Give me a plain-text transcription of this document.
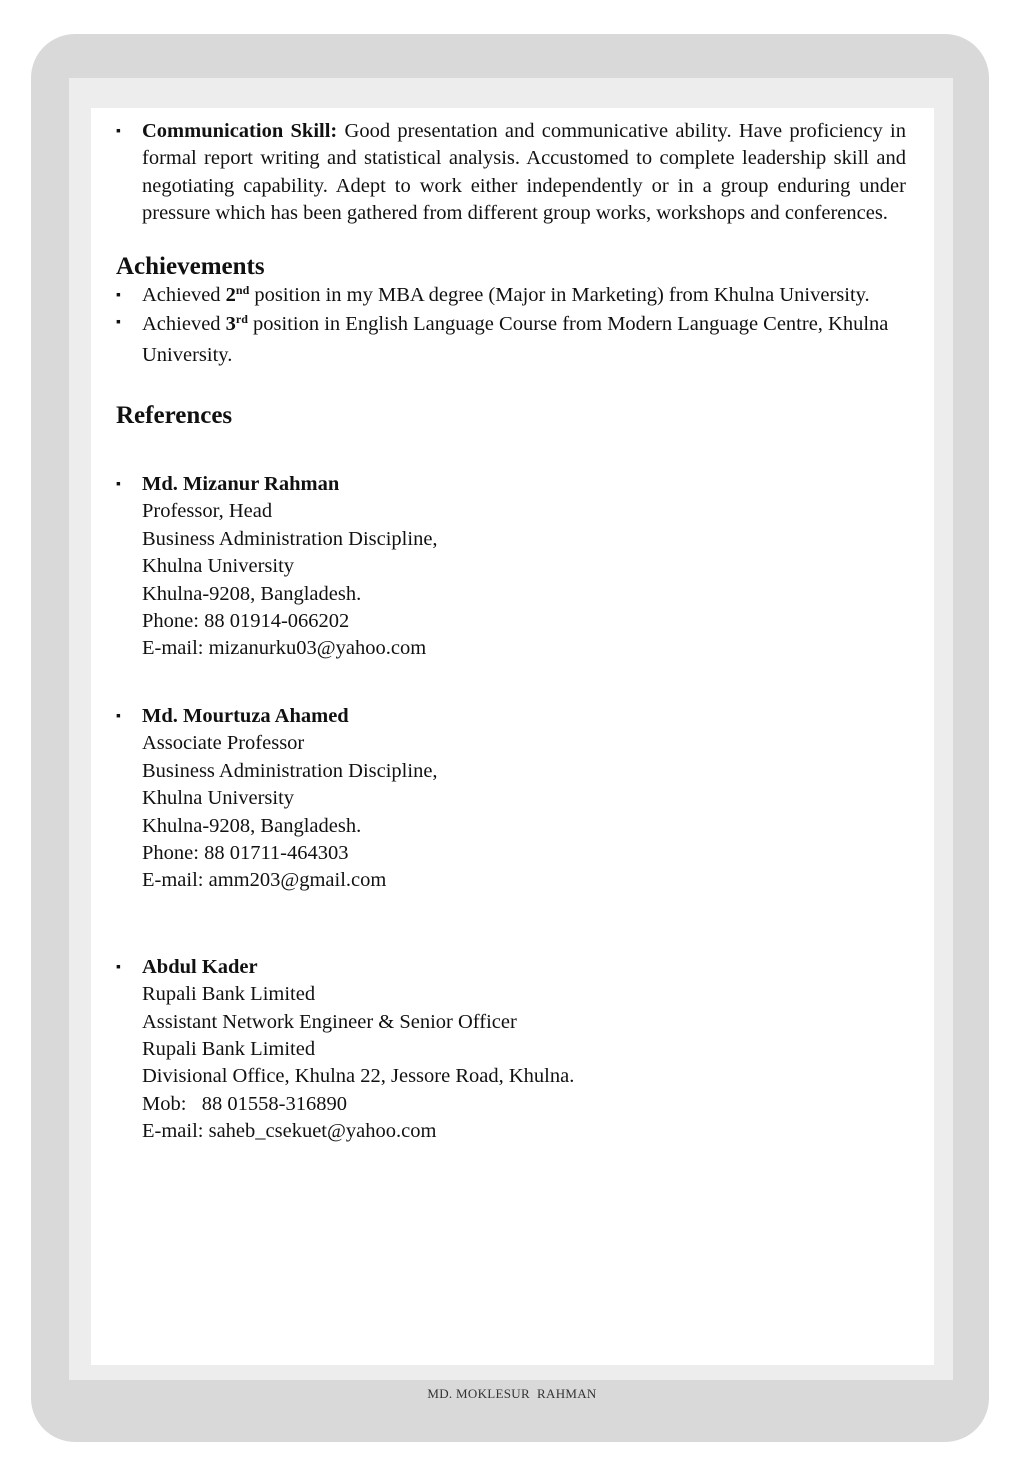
▪	Communication Skill: Good presentation and communicative ability. Have proficiency in formal report writing and statistical analysis. Accustomed to complete leadership skill and negotiating capability. Adept to work either independently or in a group enduring under pressure which has been gathered from different group works, workshops and conferences.
Achievements
▪	Achieved 2nd position in my MBA degree (Major in Marketing) from Khulna University.
▪	Achieved 3rd position in English Language Course from Modern Language Centre, Khulna University.
References
▪	Md. Mizanur Rahman
Professor, Head
Business Administration Discipline,
Khulna University
Khulna-9208, Bangladesh.
Phone: 88 01914-066202
E-mail: mizanurku03@yahoo.com
▪	Md. Mourtuza Ahamed
Associate Professor
Business Administration Discipline,
Khulna University
Khulna-9208, Bangladesh.
Phone: 88 01711-464303
E-mail: amm203@gmail.com
▪	Abdul Kader
Rupali Bank Limited
Assistant Network Engineer & Senior Officer
Rupali Bank Limited
Divisional Office, Khulna 22, Jessore Road, Khulna.
Mob:   88 01558-316890
E-mail: saheb_csekuet@yahoo.com
MD. MOKLESUR  RAHMAN
